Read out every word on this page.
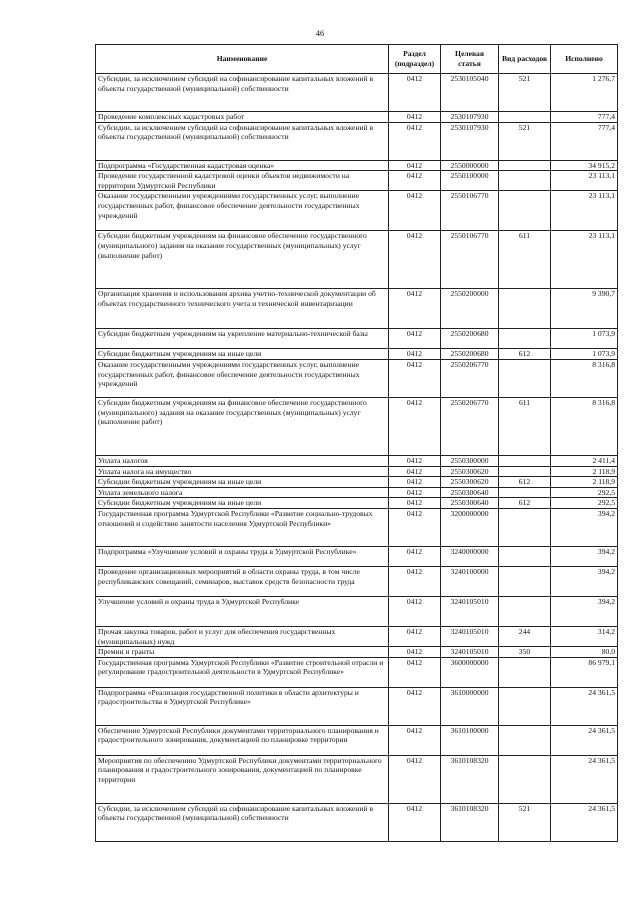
46
Наименование	Раздел (подраздел)	Целевая статья	Вид расходов	Исполнено
Субсидии, за исключением субсидий на софинансирование капитальных вложений в объекты государственной (муниципальной) собственности	0412	2530105040	521	1 276,7
Проведение комплексных кадастровых работ	0412	2530107930		777,4
Субсидии, за исключением субсидий на софинансирование капитальных вложений в объекты государственной (муниципальной) собственности	0412	2530107930	521	777,4
Подпрограмма «Государственная кадастровая оценка»	0412	2550000000		34 915,2
Проведение государственной кадастровой оценки объектов недвижимости на территории Удмуртской Республики	0412	2550100000		23 113,1
Оказание государственными учреждениями государственных услуг, выполнение государственных работ, финансовое обеспечение деятельности государственных учреждений	0412	2550106770		23 113,1
Субсидии бюджетным учреждениям на финансовое обеспечение государственного (муниципального) задания на оказание государственных (муниципальных) услуг (выполнение работ)	0412	2550106770	611	23 113,1
Организация хранения и использования архива учетно-технической документации об объектах государственного технического учета и технической инвентаризации	0412	2550200000		9 390,7
Субсидии бюджетным учреждениям на укрепление материально-технической базы	0412	2550200680		1 073,9
Субсидии бюджетным учреждениям на иные цели	0412	2550200680	612	1 073,9
Оказание государственными учреждениями государственных услуг, выполнение государственных работ, финансовое обеспечение деятельности государственных учреждений	0412	2550206770		8 316,8
Субсидии бюджетным учреждениям на финансовое обеспечение государственного (муниципального) задания на оказание государственных (муниципальных) услуг (выполнение работ)	0412	2550206770	611	8 316,8
Уплата налогов	0412	2550300000		2 411,4
Уплата налога на имущество	0412	2550300620		2 118,9
Субсидии бюджетным учреждениям на иные цели	0412	2550300620	612	2 118,9
Уплата земельного налога	0412	2550300640		292,5
Субсидии бюджетным учреждениям на иные цели	0412	2550300640	612	292,5
Государственная программа Удмуртской Республики «Развитие социально-трудовых отношений и содействие занятости населения Удмуртской Республики»	0412	3200000000		394,2
Подпрограмма «Улучшение условий и охраны труда в Удмуртской Республике»	0412	3240000000		394,2
Проведение организационных мероприятий в области охраны труда, в том числе республиканских совещаний, семинаров, выставок средств безопасности труда	0412	3240100000		394,2
Улучшение условий и охраны труда в Удмуртской Республике	0412	3240105010		394,2
Прочая закупка товаров, работ и услуг для обеспечения государственных (муниципальных) нужд	0412	3240105010	244	314,2
Премии и гранты	0412	3240105010	350	80,0
Государственная программа Удмуртской Республики «Развитие строительной отрасли и регулирование градостроительной деятельности в Удмуртской Республике»	0412	3600000000		86 979,1
Подпрограмма «Реализация государственной политики в области архитектуры и градостроительства в Удмуртской Республике»	0412	3610000000		24 361,5
Обеспечение Удмуртской Республики документами территориального планирования и градостроительного зонирования, документацией по планировке территории	0412	3610100000		24 361,5
Мероприятия по обеспечению Удмуртской Республики документами территориального планирования и градостроительного зонирования, документацией по планировке территории	0412	3610108320		24 361,5
Субсидии, за исключением субсидий на софинансирование капитальных вложений в объекты государственной (муниципальной) собственности	0412	3610108320	521	24 361,5
